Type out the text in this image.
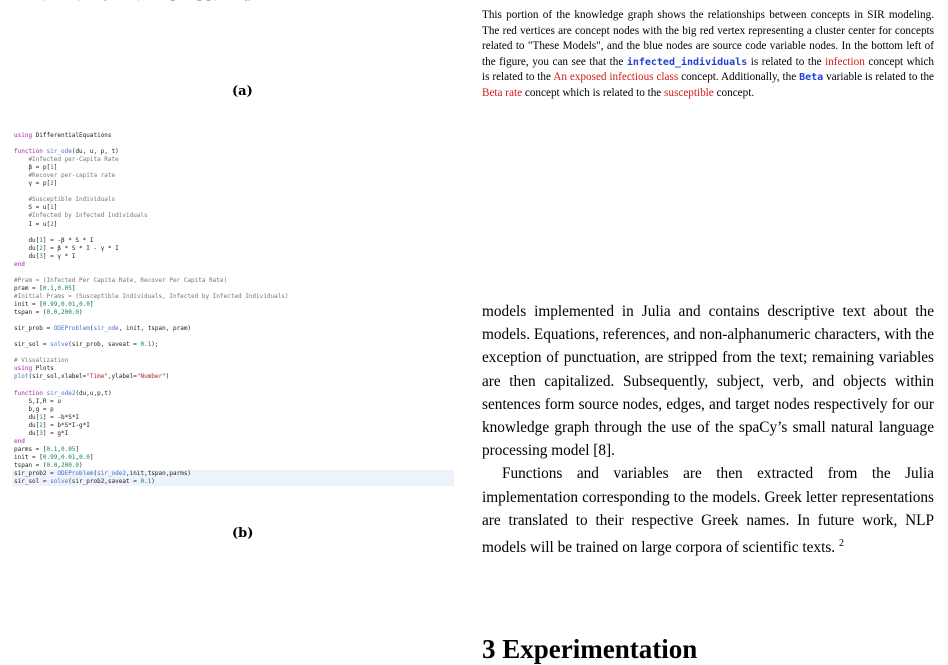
(a)
using DifferentialEquations
function sir_ode(du, u, p, t)
#Infected per-Capita Rate
β = p[1]
#Recover per-capita rate
γ = p[2]
#Susceptible Individuals
S = u[1]
#Infected by Infected Individuals
I = u[2]
du[1] = -β * S * I
du[2] = β * S * I - γ * I
du[3] = γ * I
end
#Pram = (Infected Per Capita Rate, Recover Per Capita Rate)
pram = [0.1,0.05]
#Initial Prams = (Susceptible Individuals, Infected by Infected Individuals)
init = [0.99,0.01,0.0]
tspan = (0.0,200.0)
sir_prob = ODEProblem(sir_ode, init, tspan, pram)
sir_sol = solve(sir_prob, saveat = 0.1);
# Visualization
using Plots
plot(sir_sol,xlabel="Time",ylabel="Number")
function sir_ode2(du,u,p,t)
S,I,R = u
b,g = p
du[1] = -b*S*I
du[2] = b*S*I-g*I
du[3] = g*I
end
parms = [0.1,0.05]
init = [0.99,0.01,0.0]
tspan = (0.0,200.0)
sir_prob2 = ODEProblem(sir_ode2,init,tspan,parms)
sir_sol = solve(sir_prob2,saveat = 0.1)
(b)
This portion of the knowledge graph shows the relationships between concepts in SIR modeling. The red vertices are concept nodes with the big red vertex representing a cluster center for concepts related to "These Models", and the blue nodes are source code variable nodes. In the bottom left of the figure, you can see that the infected_individuals is related to the infection concept which is related to the An exposed infectious class concept. Additionally, the Beta variable is related to the Beta rate concept which is related to the susceptible concept.

models implemented in Julia and contains descriptive text about the models. Equations, references, and non-alphanumeric characters, with the exception of punctuation, are stripped from the text; remaining variables are then capitalized. Subsequently, subject, verb, and objects within sentences form source nodes, edges, and target nodes respectively for our knowledge graph through the use of the spaCy’s small natural language processing model [8].

Functions and variables are then extracted from the Julia implementation corresponding to the models. Greek letter representations are translated to their respective Greek names. In future work, NLP models will be trained on large corpora of scientific texts. $^2$

3 Experimentation
